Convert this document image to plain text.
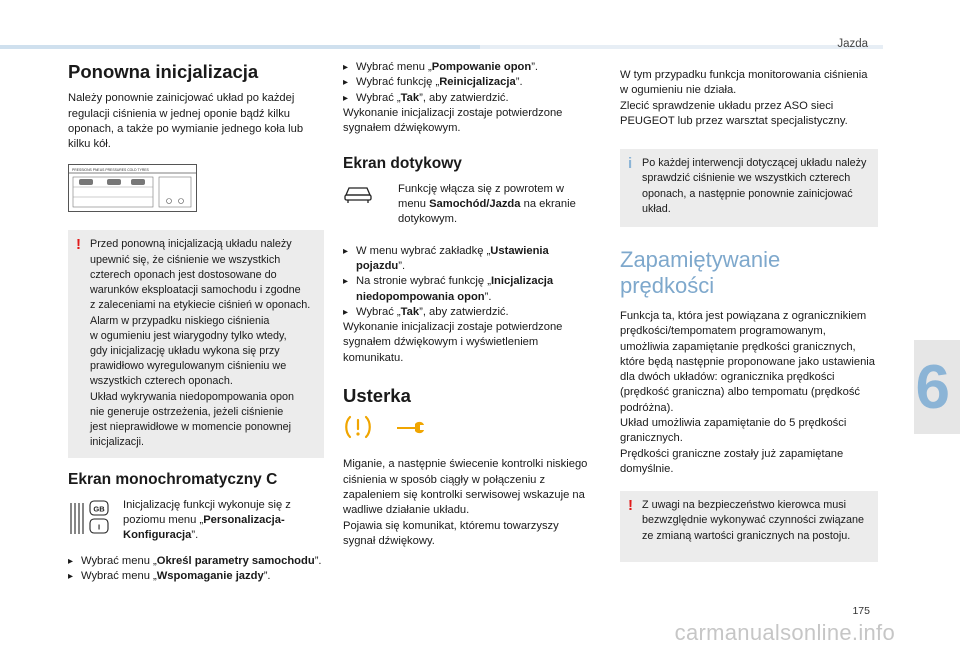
Jazda
6
175
carmanualsonline.info
Ponowna inicjalizacja

Należy ponownie zainicjować układ po każdej regulacji ciśnienia w jednej oponie bądź kilku oponach, a także po wymianie jednego koła lub kilku kół.

PRESSIONS PNEUS PRESSURES COLD TYRES
! Przed ponowną inicjalizacją układu należy
upewnić się, że ciśnienie we wszystkich
czterech oponach jest dostosowane do
warunków eksploatacji samochodu i zgodne
z zaleceniami na etykiecie ciśnień w oponach.
Alarm w przypadku niskiego ciśnienia
w ogumieniu jest wiarygodny tylko wtedy,
gdy inicjalizację układu wykona się przy
prawidłowo wyregulowanym ciśnieniu we
wszystkich czterech oponach.
Układ wykrywania niedopompowania opon
nie generuje ostrzeżenia, jeżeli ciśnienie
jest nieprawidłowe w momencie ponownej
inicjalizacji.
Ekran monochromatyczny C
GB
I

Inicjalizację funkcji wykonuje się z poziomu menu „Personalizacja-Konfiguracja”.

▸ Wybrać menu „Określ parametry samochodu”.
▸ Wybrać menu „Wspomaganie jazdy”.
▸ Wybrać menu „Pompowanie opon”.
▸ Wybrać funkcję „Reinicjalizacja”.
▸ Wybrać „Tak”, aby zatwierdzić.

Wykonanie inicjalizacji zostaje potwierdzone sygnałem dźwiękowym.

Ekran dotykowy

Funkcję włącza się z powrotem w menu Samochód/Jazda na ekranie dotykowym.

▸ W menu wybrać zakładkę „Ustawienia pojazdu”.
▸ Na stronie wybrać funkcję „Inicjalizacja niedopompowania opon”.
▸ Wybrać „Tak”, aby zatwierdzić.

Wykonanie inicjalizacji zostaje potwierdzone sygnałem dźwiękowym i wyświetleniem komunikatu.

Usterka

Miganie, a następnie świecenie kontrolki niskiego ciśnienia w sposób ciągły w połączeniu z zapaleniem się kontrolki serwisowej wskazuje na wadliwe działanie układu.
Pojawia się komunikat, któremu towarzyszy sygnał dźwiękowy.

W tym przypadku funkcja monitorowania ciśnienia w ogumieniu nie działa.
Zlecić sprawdzenie układu przez ASO sieci PEUGEOT lub przez warsztat specjalistyczny.

i Po każdej interwencji dotyczącej układu należy sprawdzić ciśnienie we wszystkich czterech oponach, a następnie ponownie zainicjować układ.

Zapamiętywanie
prędkości

Funkcja ta, która jest powiązana z ogranicznikiem prędkości/tempomatem programowanym, umożliwia zapamiętanie prędkości granicznych, które będą następnie proponowane jako ustawienia dla dwóch układów: ogranicznika prędkości (prędkość graniczna) albo tempomatu (prędkość podróżna).
Układ umożliwia zapamiętanie do 5 prędkości granicznych.
Prędkości graniczne zostały już zapamiętane domyślnie.

! Z uwagi na bezpieczeństwo kierowca musi bezwzględnie wykonywać czynności związane ze zmianą wartości granicznych na postoju.
